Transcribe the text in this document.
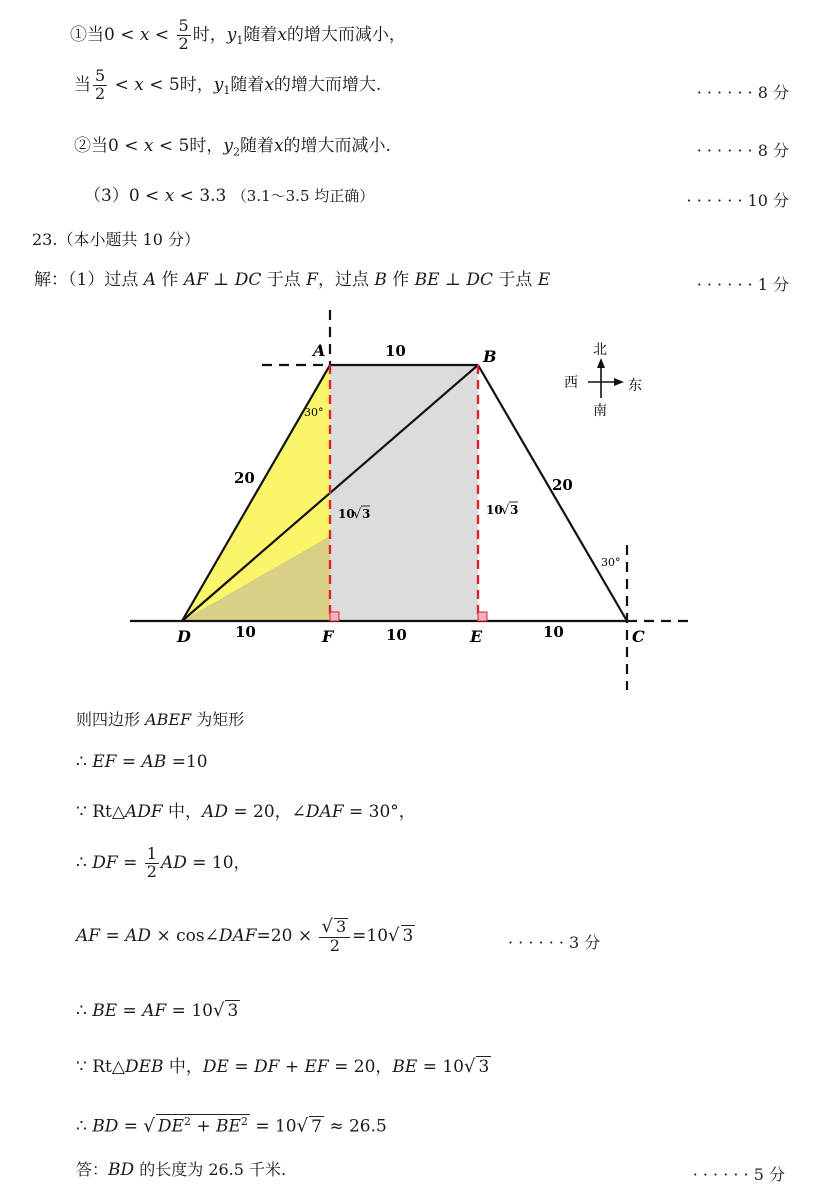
①当$0 < x < \frac{5}{2}$ 时，$y_1$随着x的增大而减小，
当 $\frac{5}{2} < x < 5$时，$y_1$随着x的增大而增大.	· · · · · · 8 分
②当0 < x < 5时，$y_2$随着x的增大而减小.	· · · · · · 8 分
（3）0 < x < 3.3 （3.1～3.5 均正确）	· · · · · · 10 分
23.（本小题共 10 分）
解：（1）过点 A 作 AF ⊥ DC 于点 F，过点 B 作 BE ⊥ DC 于点 E	· · · · · · 1 分
A	B
C
D	F	E
10
20	20
10	10	10
10
√ 3	10
√ 3
30°
30°
北
南
西	东
则四边形 ABEF 为矩形
∴ EF = AB =10
∵ Rt△ADF 中，AD = 20，∠DAF = 30°，
∴ DF = $\frac{1}{2}$ AD = 10，
AF = AD × cos∠DAF=20 × $\frac{√ 3}{2} =10√$ 3	· · · · · · 3 分
∴ BE = AF = 10√ 3
∵ Rt△DEB 中，DE = DF + EF = 20，BE = 10√ 3
∴ BD = √ $DE^2 + BE^2 = 10√$ 7 ≈ 26.5
答：BD 的长度为 26.5 千米.	· · · · · · 5 分
